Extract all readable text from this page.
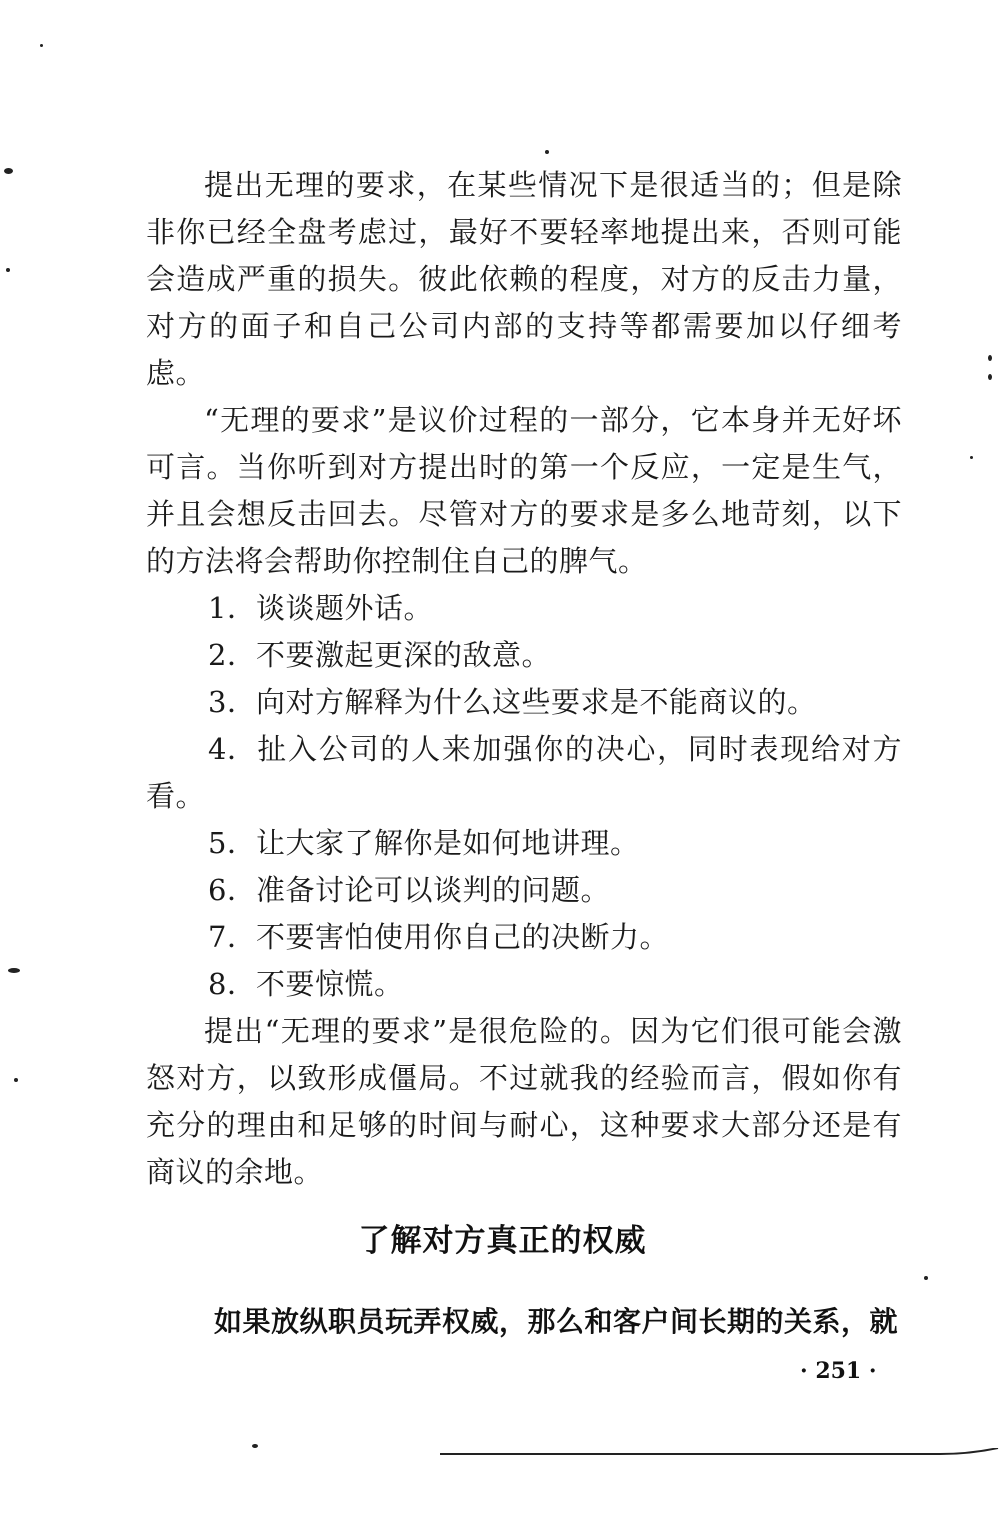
提出无理的要求，在某些情况下是很适当的；但是除非你已经全盘考虑过，最好不要轻率地提出来，否则可能会造成严重的损失。彼此依赖的程度，对方的反击力量，对方的面子和自己公司内部的支持等都需要加以仔细考虑。

“无理的要求”是议价过程的一部分，它本身并无好坏可言。当你听到对方提出时的第一个反应，一定是生气，并且会想反击回去。尽管对方的要求是多么地苛刻，以下的方法将会帮助你控制住自己的脾气。

1．谈谈题外话。

2．不要激起更深的敌意。

3．向对方解释为什么这些要求是不能商议的。

4．扯入公司的人来加强你的决心，同时表现给对方看。

5．让大家了解你是如何地讲理。

6．准备讨论可以谈判的问题。

7．不要害怕使用你自己的决断力。

8．不要惊慌。

提出“无理的要求”是很危险的。因为它们很可能会激怒对方，以致形成僵局。不过就我的经验而言，假如你有充分的理由和足够的时间与耐心，这种要求大部分还是有商议的余地。

了解对方真正的权威
如果放纵职员玩弄权威，那么和客户间长期的关系，就
· 251 ·
